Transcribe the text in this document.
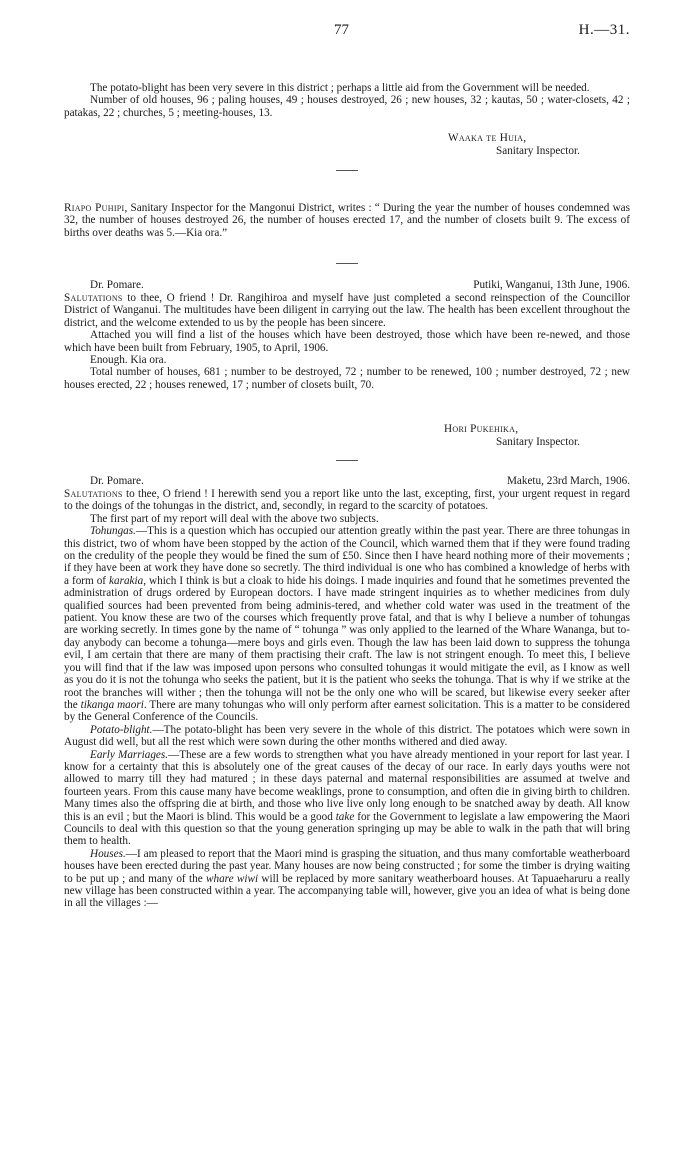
77	H.—31.

The potato-blight has been very severe in this district ; perhaps a little aid from the Government will be needed.

Number of old houses, 96 ; paling houses, 49 ; houses destroyed, 26 ; new houses, 32 ; kautas, 50 ; water-closets, 42 ; patakas, 22 ; churches, 5 ; meeting-houses, 13.

Waaka te Huia,
Sanitary Inspector.

Riapo Puhipi, Sanitary Inspector for the Mangonui District, writes : “ During the year the number of houses condemned was 32, the number of houses destroyed 26, the number of houses erected 17, and the number of closets built 9. The excess of births over deaths was 5.—Kia ora.”

Dr. Pomare.	Putiki, Wanganui, 13th June, 1906.

Salutations to thee, O friend ! Dr. Rangihiroa and myself have just completed a second reinspection of the Councillor District of Wanganui. The multitudes have been diligent in carrying out the law. The health has been excellent throughout the district, and the welcome extended to us by the people has been sincere.

Attached you will find a list of the houses which have been destroyed, those which have been re-newed, and those which have been built from February, 1905, to April, 1906.

Enough. Kia ora.

Total number of houses, 681 ; number to be destroyed, 72 ; number to be renewed, 100 ; number destroyed, 72 ; new houses erected, 22 ; houses renewed, 17 ; number of closets built, 70.

Hori Pukehika,
Sanitary Inspector.
Dr. Pomare.	Maketu, 23rd March, 1906.

Salutations to thee, O friend ! I herewith send you a report like unto the last, excepting, first, your urgent request in regard to the doings of the tohungas in the district, and, secondly, in regard to the scarcity of potatoes.

The first part of my report will deal with the above two subjects.

Tohungas.—This is a question which has occupied our attention greatly within the past year. There are three tohungas in this district, two of whom have been stopped by the action of the Council, which warned them that if they were found trading on the credulity of the people they would be fined the sum of £50. Since then I have heard nothing more of their movements ; if they have been at work they have done so secretly. The third individual is one who has combined a knowledge of herbs with a form of karakia, which I think is but a cloak to hide his doings. I made inquiries and found that he sometimes prevented the administration of drugs ordered by European doctors. I have made stringent inquiries as to whether medicines from duly qualified sources had been prevented from being adminis-tered, and whether cold water was used in the treatment of the patient. You know these are two of the courses which frequently prove fatal, and that is why I believe a number of tohungas are working secretly. In times gone by the name of “ tohunga ” was only applied to the learned of the Whare Wananga, but to-day anybody can become a tohunga—mere boys and girls even. Though the law has been laid down to suppress the tohunga evil, I am certain that there are many of them practising their craft. The law is not stringent enough. To meet this, I believe you will find that if the law was imposed upon persons who consulted tohungas it would mitigate the evil, as I know as well as you do it is not the tohunga who seeks the patient, but it is the patient who seeks the tohunga. That is why if we strike at the root the branches will wither ; then the tohunga will not be the only one who will be scared, but likewise every seeker after the tikanga maori. There are many tohungas who will only perform after earnest solicitation. This is a matter to be considered by the General Conference of the Councils.

Potato-blight.—The potato-blight has been very severe in the whole of this district. The potatoes which were sown in August did well, but all the rest which were sown during the other months withered and died away.

Early Marriages.—These are a few words to strengthen what you have already mentioned in your report for last year. I know for a certainty that this is absolutely one of the great causes of the decay of our race. In early days youths were not allowed to marry till they had matured ; in these days paternal and maternal responsibilities are assumed at twelve and fourteen years. From this cause many have become weaklings, prone to consumption, and often die in giving birth to children. Many times also the offspring die at birth, and those who live live only long enough to be snatched away by death. All know this is an evil ; but the Maori is blind. This would be a good take for the Government to legislate a law empowering the Maori Councils to deal with this question so that the young generation springing up may be able to walk in the path that will bring them to health.

Houses.—I am pleased to report that the Maori mind is grasping the situation, and thus many comfortable weatherboard houses have been erected during the past year. Many houses are now being constructed ; for some the timber is drying waiting to be put up ; and many of the whare wiwi will be replaced by more sanitary weatherboard houses. At Tapuaeharuru a really new village has been constructed within a year. The accompanying table will, however, give you an idea of what is being done in all the villages :—
